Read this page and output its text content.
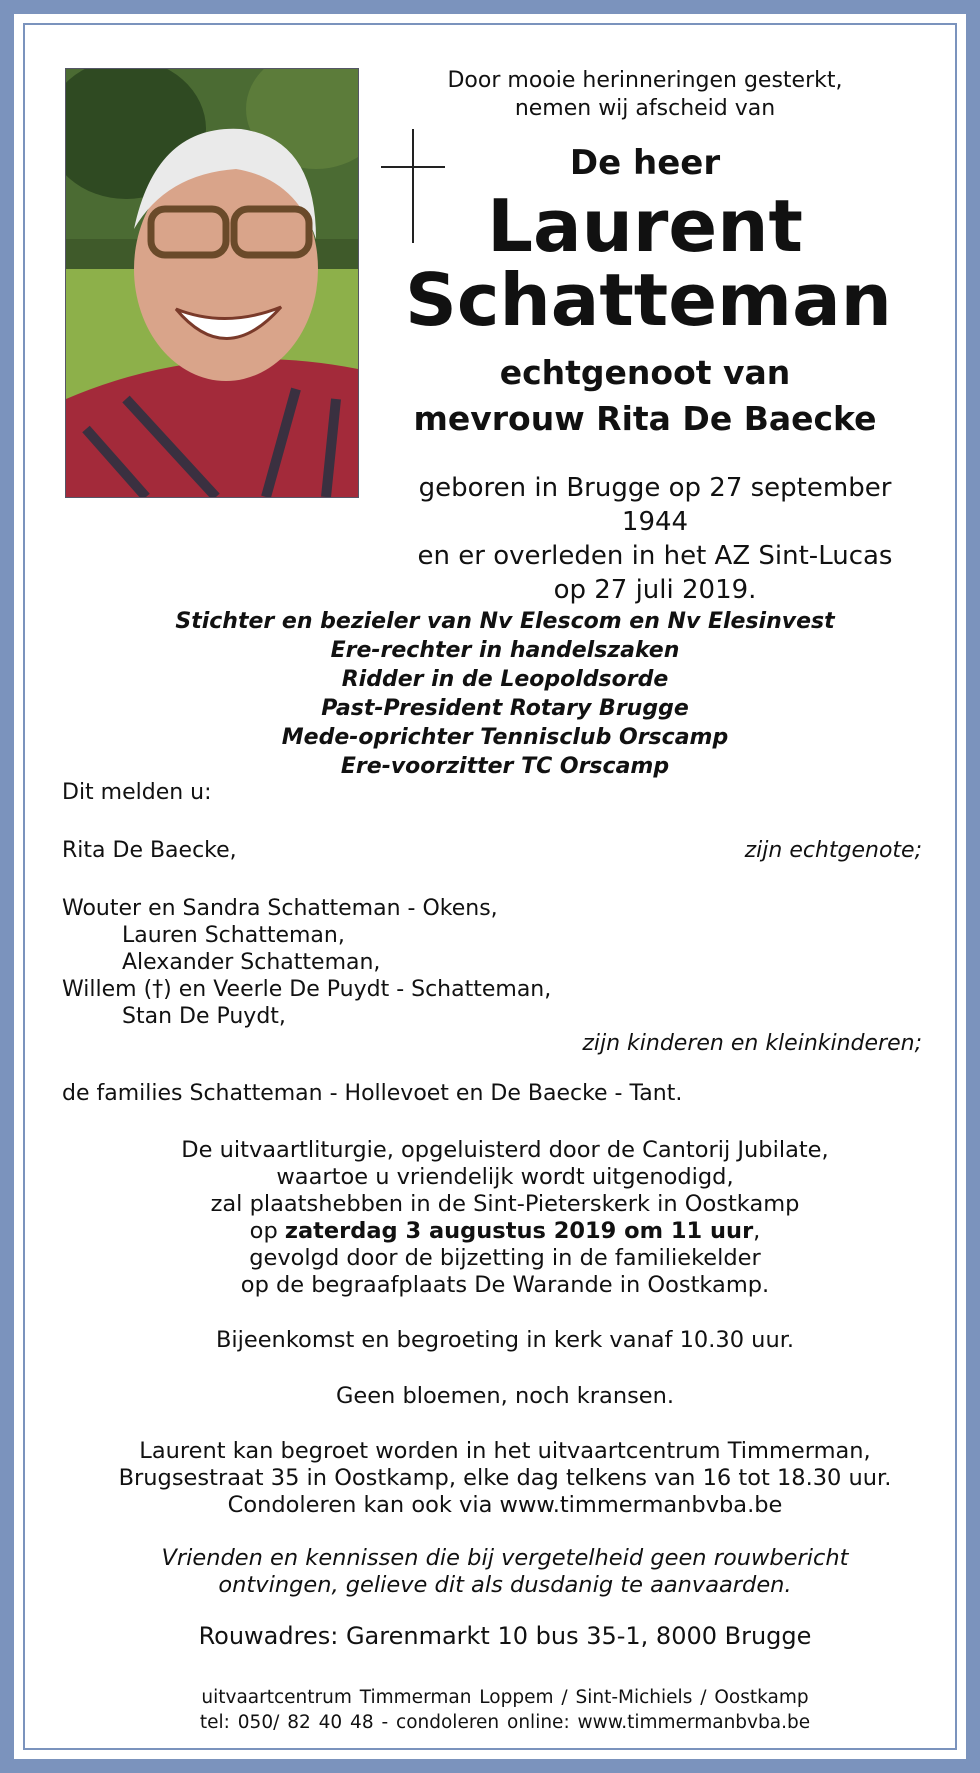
Door mooie herinneringen gesterkt,
nemen wij afscheid van
De heer
Laurent
Schatteman
echtgenoot van
mevrouw Rita De Baecke
geboren in Brugge op 27 september 1944
en er overleden in het AZ Sint-Lucas
op 27 juli 2019.
Stichter en bezieler van Nv Elescom en Nv Elesinvest
Ere-rechter in handelszaken
Ridder in de Leopoldsorde
Past-President Rotary Brugge
Mede-oprichter Tennisclub Orscamp
Ere-voorzitter TC Orscamp
Dit melden u:
Rita De Baecke,	zijn echtgenote;
Wouter en Sandra Schatteman - Okens,
Lauren Schatteman,
Alexander Schatteman,
Willem (†) en Veerle De Puydt - Schatteman,
Stan De Puydt,
zijn kinderen en kleinkinderen;
de families Schatteman - Hollevoet en De Baecke - Tant.
De uitvaartliturgie, opgeluisterd door de Cantorij Jubilate,
waartoe u vriendelijk wordt uitgenodigd,
zal plaatshebben in de Sint-Pieterskerk in Oostkamp
op zaterdag 3 augustus 2019 om 11 uur,
gevolgd door de bijzetting in de familiekelder
op de begraafplaats De Warande in Oostkamp.
Bijeenkomst en begroeting in kerk vanaf 10.30 uur.
Geen bloemen, noch kransen.
Laurent kan begroet worden in het uitvaartcentrum Timmerman,
Brugsestraat 35 in Oostkamp, elke dag telkens van 16 tot 18.30 uur.
Condoleren kan ook via www.timmermanbvba.be
Vrienden en kennissen die bij vergetelheid geen rouwbericht
ontvingen, gelieve dit als dusdanig te aanvaarden.
Rouwadres: Garenmarkt 10 bus 35-1, 8000 Brugge
uitvaartcentrum Timmerman Loppem / Sint-Michiels / Oostkamp
tel: 050/ 82 40 48 - condoleren online: www.timmermanbvba.be
